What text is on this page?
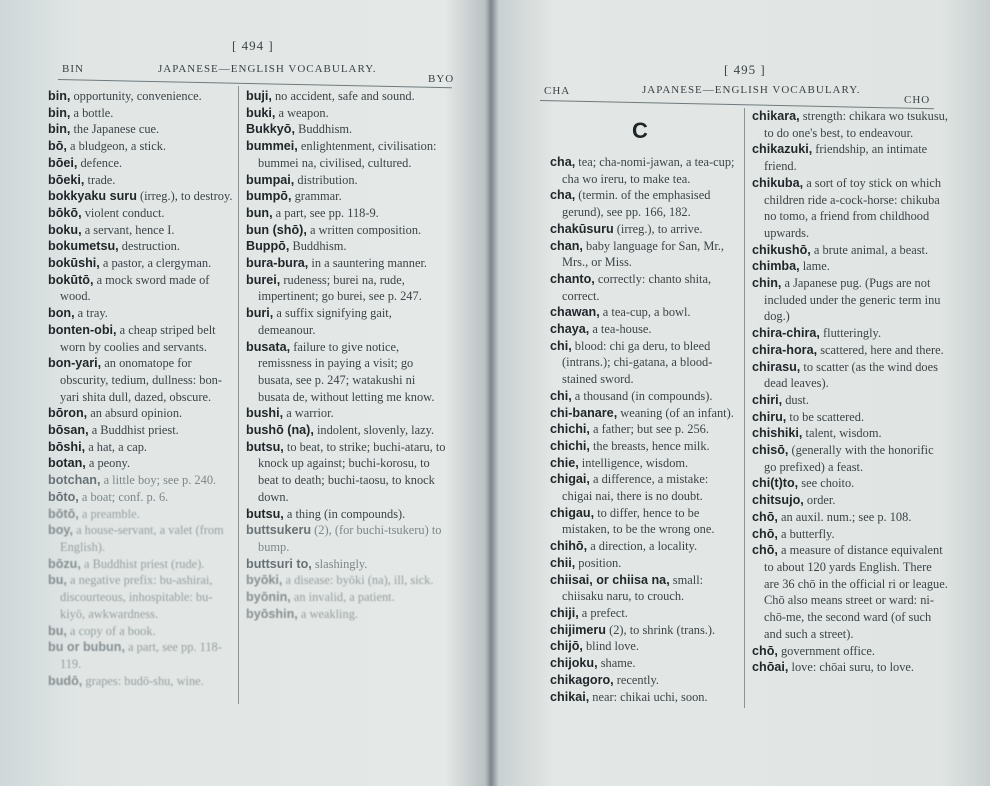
[ 494 ]
BIN	JAPANESE—ENGLISH VOCABULARY.
BYO

bin, opportunity, convenience.

bin, a bottle.

bin, the Japanese cue.

bō, a bludgeon, a stick.

bōei, defence.

bōeki, trade.

bokkyaku suru (irreg.), to destroy.

bōkō, violent conduct.

boku, a servant, hence I.

bokumetsu, destruction.

bokūshi, a pastor, a clergyman.

bokūtō, a mock sword made of wood.

bon, a tray.

bonten-obi, a cheap striped belt worn by coolies and servants.

bon-yari, an onomatope for obscurity, tedium, dullness: bon-yari shita dull, dazed, obscure.

bōron, an absurd opinion.

bōsan, a Buddhist priest.

bōshi, a hat, a cap.

botan, a peony.

botchan, a little boy; see p. 240.

bōto, a boat; conf. p. 6.

bōtō, a preamble.

boy, a house-servant, a valet (from English).

bōzu, a Buddhist priest (rude).

bu, a negative prefix: bu-ashirai, discourteous, inhospitable: bu-kiyō, awkwardness.

bu, a copy of a book.

bu or bubun, a part, see pp. 118-119.

budō, grapes: budō-shu, wine.

buji, no accident, safe and sound.

buki, a weapon.

Bukkyō, Buddhism.

bummei, enlightenment, civilisation: bummei na, civilised, cultured.

bumpai, distribution.

bumpō, grammar.

bun, a part, see pp. 118-9.

bun (shō), a written composition.

Buppō, Buddhism.

bura-bura, in a sauntering manner.

burei, rudeness; burei na, rude, impertinent; go burei, see p. 247.

buri, a suffix signifying gait, demeanour.

busata, failure to give notice, remissness in paying a visit; go busata, see p. 247; watakushi ni busata de, without letting me know.

bushi, a warrior.

bushō (na), indolent, slovenly, lazy.

butsu, to beat, to strike; buchi-ataru, to knock up against; buchi-korosu, to beat to death; buchi-taosu, to knock down.

butsu, a thing (in compounds).

buttsukeru (2), (for buchi-tsukeru) to bump.

buttsuri to, slashingly.

byōki, a disease: byōki (na), ill, sick.

byōnin, an invalid, a patient.

byōshin, a weakling.

[ 495 ]
CHA	JAPANESE—ENGLISH VOCABULARY.
CHO
C

cha, tea; cha-nomi-jawan, a tea-cup; cha wo ireru, to make tea.

cha, (termin. of the emphasised gerund), see pp. 166, 182.

chakūsuru (irreg.), to arrive.

chan, baby language for San, Mr., Mrs., or Miss.

chanto, correctly: chanto shita, correct.

chawan, a tea-cup, a bowl.

chaya, a tea-house.

chi, blood: chi ga deru, to bleed (intrans.); chi-gatana, a blood-stained sword.

chi, a thousand (in compounds).

chi-banare, weaning (of an infant).

chichi, a father; but see p. 256.

chichi, the breasts, hence milk.

chie, intelligence, wisdom.

chigai, a difference, a mistake: chigai nai, there is no doubt.

chigau, to differ, hence to be mistaken, to be the wrong one.

chihō, a direction, a locality.

chii, position.

chiisai, or chiisa na, small: chiisaku naru, to crouch.

chiji, a prefect.

chijimeru (2), to shrink (trans.).

chijō, blind love.

chijoku, shame.

chikagoro, recently.

chikai, near: chikai uchi, soon.

chikara, strength: chikara wo tsukusu, to do one's best, to endeavour.

chikazuki, friendship, an intimate friend.

chikuba, a sort of toy stick on which children ride a-cock-horse: chikuba no tomo, a friend from childhood upwards.

chikushō, a brute animal, a beast.

chimba, lame.

chin, a Japanese pug. (Pugs are not included under the generic term inu dog.)

chira-chira, flutteringly.

chira-hora, scattered, here and there.

chirasu, to scatter (as the wind does dead leaves).

chiri, dust.

chiru, to be scattered.

chishiki, talent, wisdom.

chisō, (generally with the honorific go prefixed) a feast.

chi(t)to, see choito.

chitsujo, order.

chō, an auxil. num.; see p. 108.

chō, a butterfly.

chō, a measure of distance equivalent to about 120 yards English. There are 36 chō in the official ri or league. Chō also means street or ward: ni-chō-me, the second ward (of such and such a street).

chō, government office.

chōai, love: chōai suru, to love.
